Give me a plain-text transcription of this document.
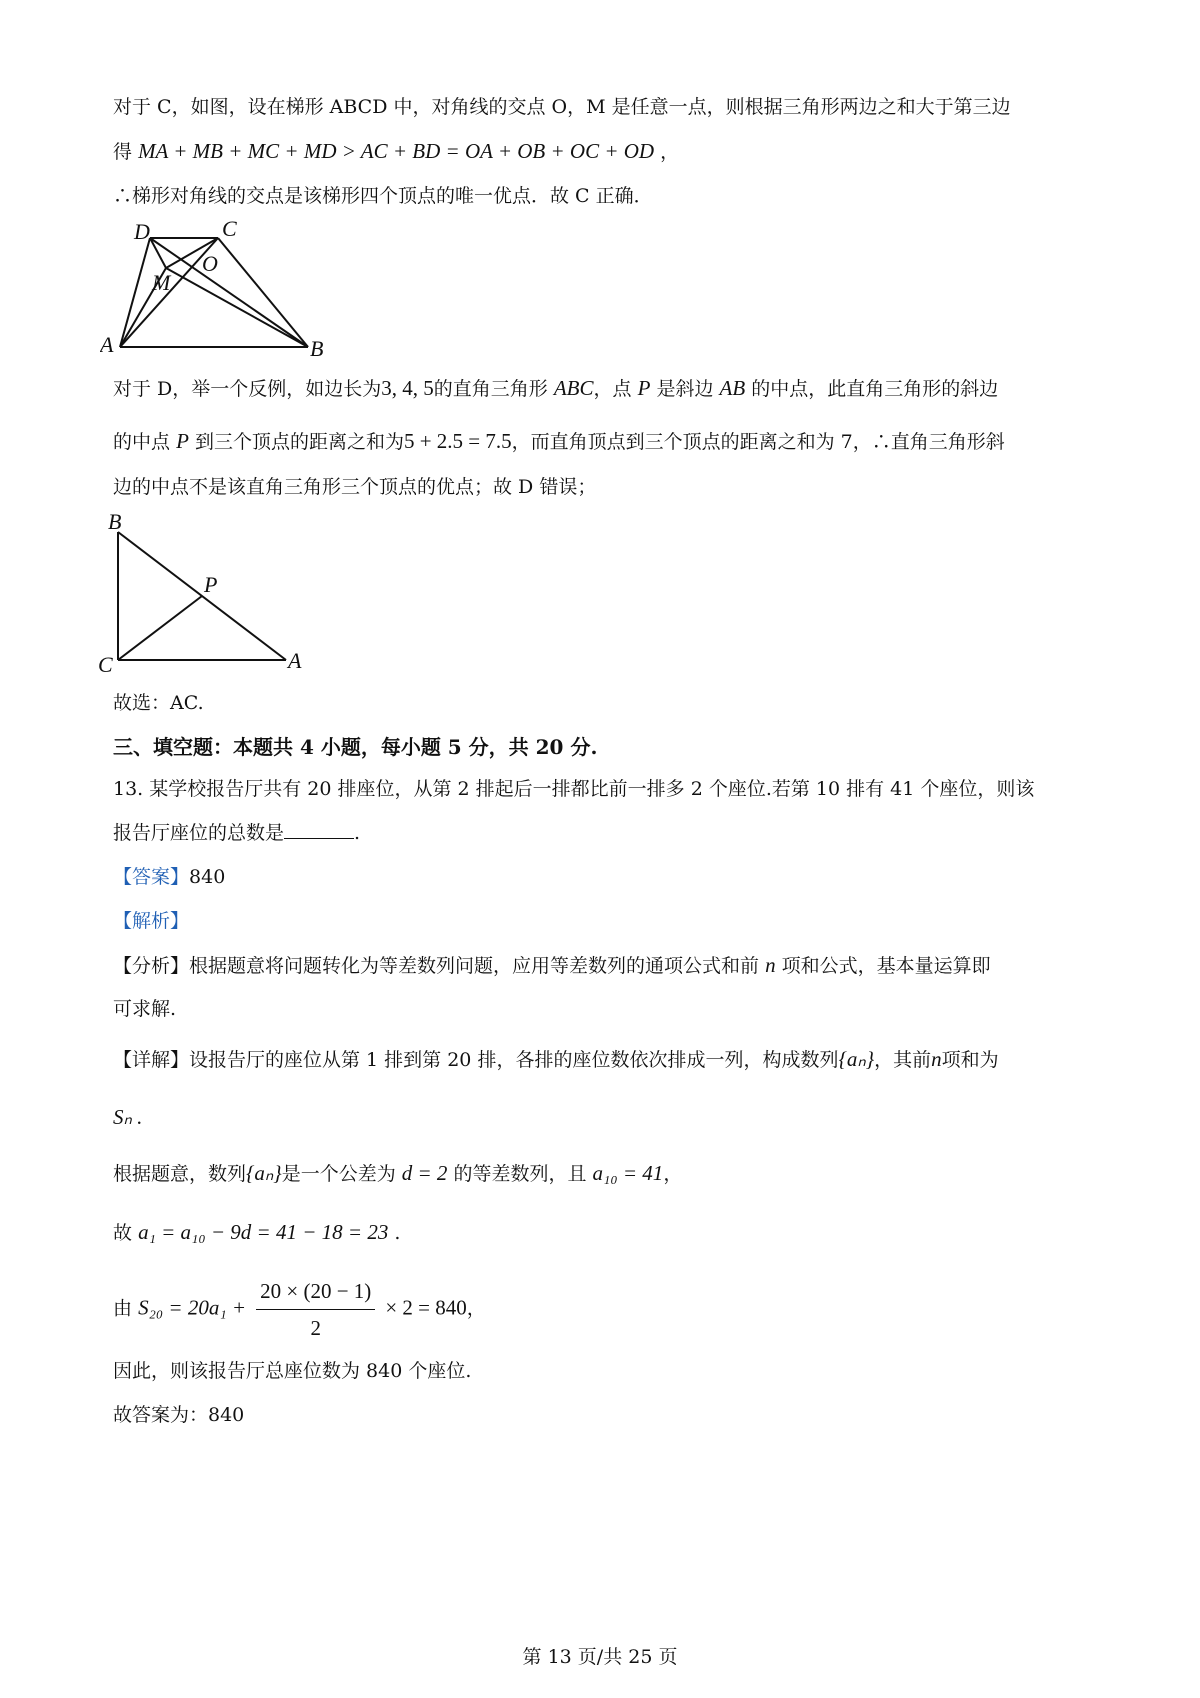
对于 C，如图，设在梯形 ABCD 中，对角线的交点 O，M 是任意一点，则根据三角形两边之和大于第三边
得 MA + MB + MC + MD > AC + BD = OA + OB + OC + OD ，
∴梯形对角线的交点是该梯形四个顶点的唯一优点．故 C 正确．
D	C
O
M
A	B
对于 D，举一个反例，如边长为3, 4, 5的直角三角形 ABC，点 P 是斜边 AB 的中点，此直角三角形的斜边
的中点 P 到三个顶点的距离之和为5 + 2.5 = 7.5，而直角顶点到三个顶点的距离之和为 7，∴直角三角形斜
边的中点不是该直角三角形三个顶点的优点；故 D 错误；
B
P
C	A
故选：AC.
三、填空题：本题共 4 小题，每小题 5 分，共 20 分.
13. 某学校报告厅共有 20 排座位，从第 2 排起后一排都比前一排多 2 个座位.若第 10 排有 41 个座位，则该
报告厅座位的总数是	.
【答案】840
【解析】
【分析】根据题意将问题转化为等差数列问题，应用等差数列的通项公式和前 n 项和公式，基本量运算即
可求解.
【详解】设报告厅的座位从第 1 排到第 20 排，各排的座位数依次排成一列，构成数列{aₙ}，其前n项和为
Sₙ .
根据题意，数列{aₙ}是一个公差为 d = 2 的等差数列，且 a₁₀ = 41，
故 a₁ = a₁₀ − 9d = 41 − 18 = 23 .
由 $S_{20} = 20a_1 + \frac{20 \times (20 - 1)}{2} \times 2 = 840$，
因此，则该报告厅总座位数为 840 个座位.
故答案为：840
第 13 页/共 25 页
